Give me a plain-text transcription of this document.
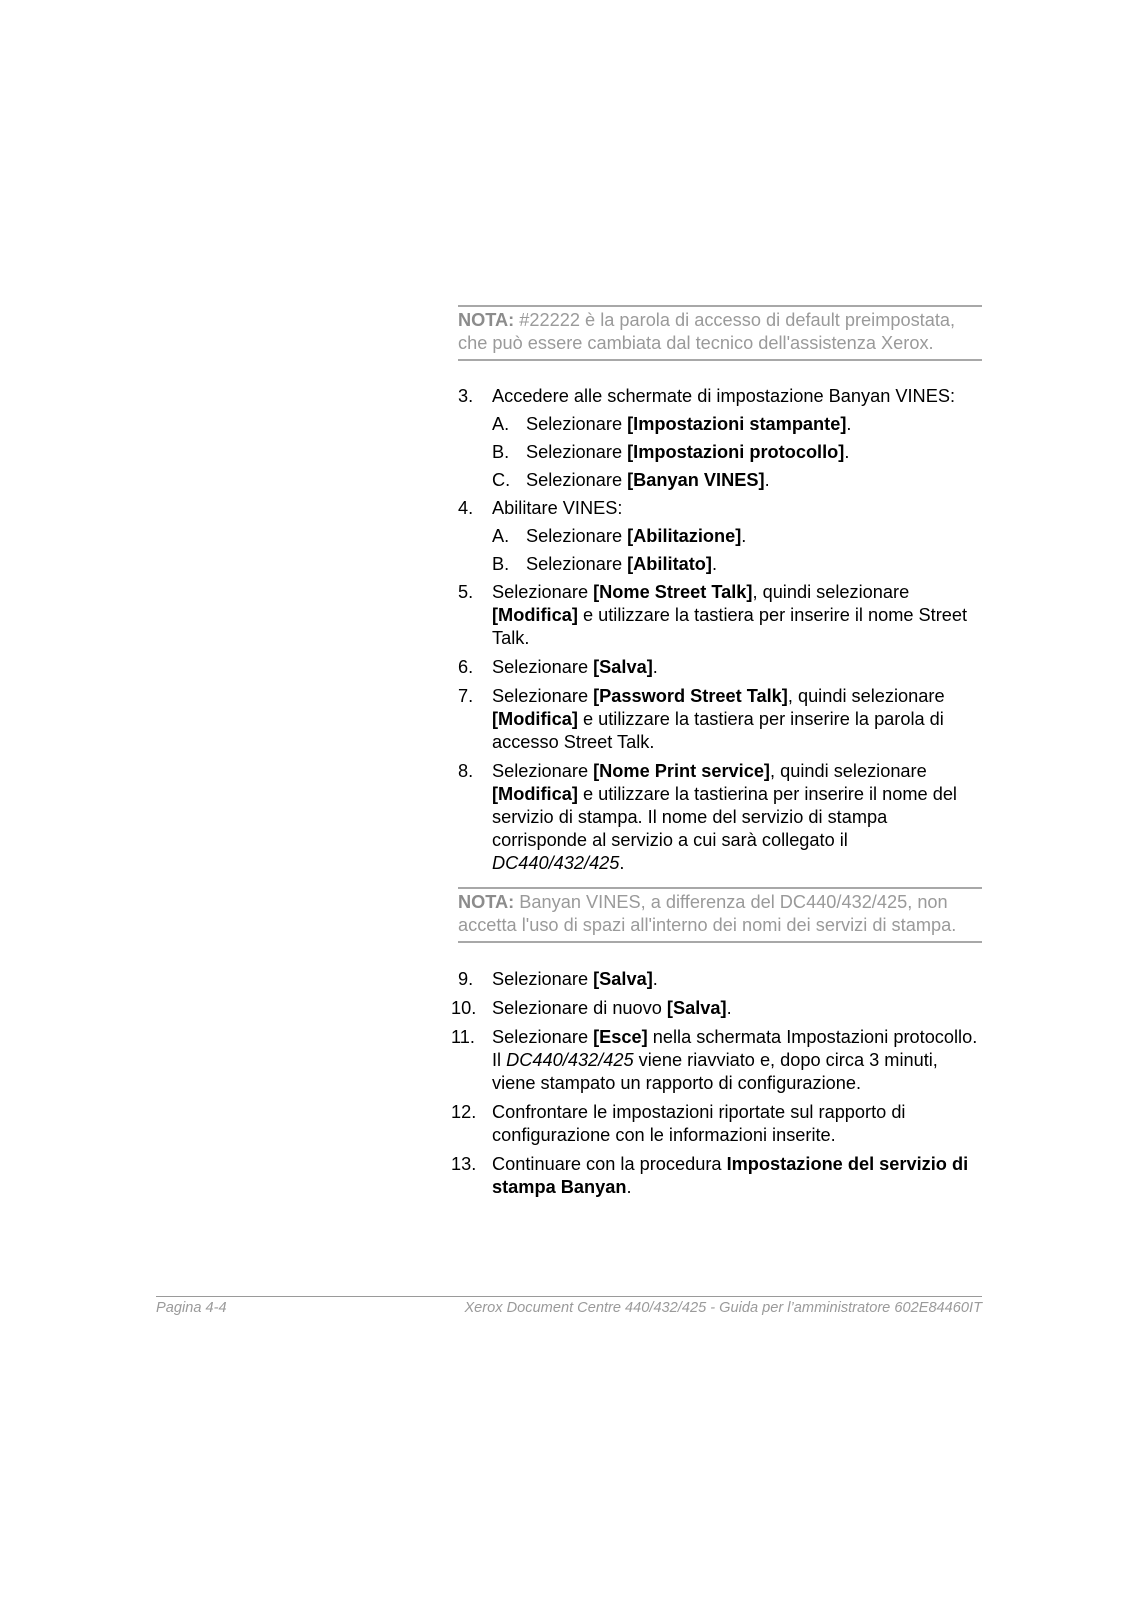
NOTA: #22222 è la parola di accesso di default preimpostata, che può essere cambiata dal tecnico dell'assistenza Xerox.
3. Accedere alle schermate di impostazione Banyan VINES:
A. Selezionare [Impostazioni stampante].
B. Selezionare [Impostazioni protocollo].
C. Selezionare [Banyan VINES].
4. Abilitare VINES:
A. Selezionare [Abilitazione].
B. Selezionare [Abilitato].
5. Selezionare [Nome Street Talk], quindi selezionare [Modifica] e utilizzare la tastiera per inserire il nome Street Talk.
6. Selezionare [Salva].
7. Selezionare [Password Street Talk], quindi selezionare [Modifica] e utilizzare la tastiera per inserire la parola di accesso Street Talk.
8. Selezionare [Nome Print service], quindi selezionare [Modifica] e utilizzare la tastierina per inserire il nome del servizio di stampa. Il nome del servizio di stampa corrisponde al servizio a cui sarà collegato il DC440/432/425.
NOTA: Banyan VINES, a differenza del DC440/432/425, non accetta l'uso di spazi all'interno dei nomi dei servizi di stampa.
9. Selezionare [Salva].
10. Selezionare di nuovo [Salva].
11. Selezionare [Esce] nella schermata Impostazioni protocollo. Il DC440/432/425 viene riavviato e, dopo circa 3 minuti, viene stampato un rapporto di configurazione.
12. Confrontare le impostazioni riportate sul rapporto di configurazione con le informazioni inserite.
13. Continuare con la procedura Impostazione del servizio di stampa Banyan.
Pagina 4-4	Xerox Document Centre 440/432/425 - Guida per l’amministratore 602E84460IT
